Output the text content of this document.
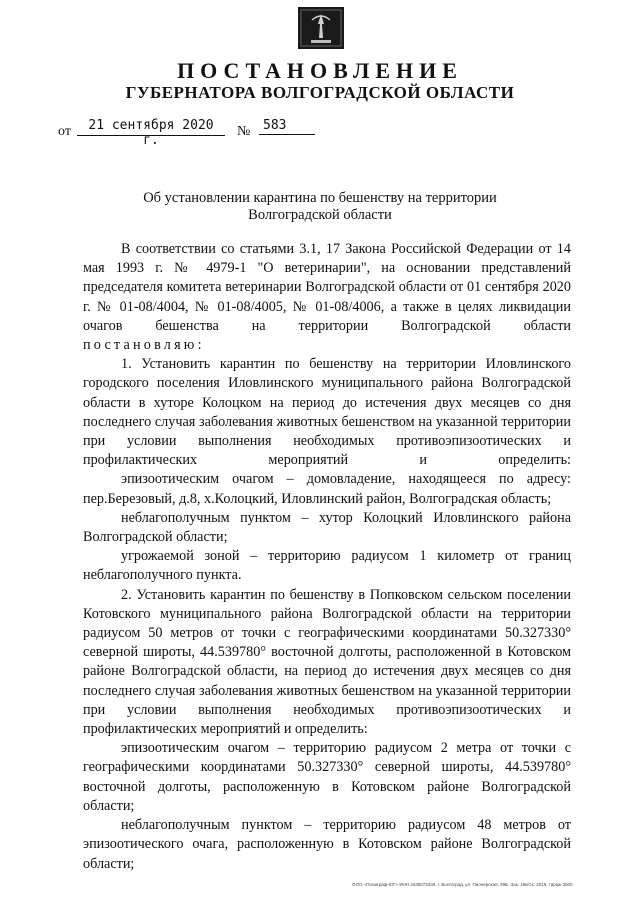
ПОСТАНОВЛЕНИЕ
ГУБЕРНАТОРА ВОЛГОГРАДСКОЙ ОБЛАСТИ
от	21 сентября 2020 г.
№ 583
Об установлении карантина по бешенству на территории
Волгоградской области

В соответствии со статьями 3.1, 17 Закона Российской Федерации от 14 мая 1993 г. № 4979-1 "О ветеринарии", на основании представлений председателя комитета ветеринарии Волгоградской области от 01 сентября 2020 г. № 01-08/4004, № 01-08/4005, № 01-08/4006, а также в целях ликвидации очагов бешенства на территории Волгоградской области

постановляю:

1. Установить карантин по бешенству на территории Иловлинского городского поселения Иловлинского муниципального района Волгоградской области в хуторе Колоцком на период до истечения двух месяцев со дня последнего случая заболевания животных бешенством на указанной территории при условии выполнения необходимых противоэпизоотических и профилактических мероприятий и определить:

эпизоотическим очагом – домовладение, находящееся по адресу: пер.Березовый, д.8, х.Колоцкий, Иловлинский район, Волгоградская область;

неблагополучным пунктом – хутор Колоцкий Иловлинского района Волгоградской области;

угрожаемой зоной – территорию радиусом 1 километр от границ неблагополучного пункта.

2. Установить карантин по бешенству в Попковском сельском поселении Котовского муниципального района Волгоградской области на территории радиусом 50 метров от точки с географическими координатами 50.327330° северной широты, 44.539780° восточной долготы, расположенной в Котовском районе Волгоградской области, на период до истечения двух месяцев со дня последнего случая заболевания животных бешенством на указанной территории при условии выполнения необходимых противоэпизоотических и профилактических мероприятий и определить:

эпизоотическим очагом – территорию радиусом 2 метра от точки с географическими координатами 50.327330° северной широты, 44.539780° восточной долготы, расположенную в Котовском районе Волгоградской области;

неблагополучным пунктом – территорию радиусом 48 метров от эпизоотического очага, расположенную в Котовском районе Волгоградской области;

ООО «Полиграф-ЮГ» ИНН 3435072349, г. Волгоград, ул. Пионерская, 29Б. Зак. 19к/Ск, 2015, тираж 3000
